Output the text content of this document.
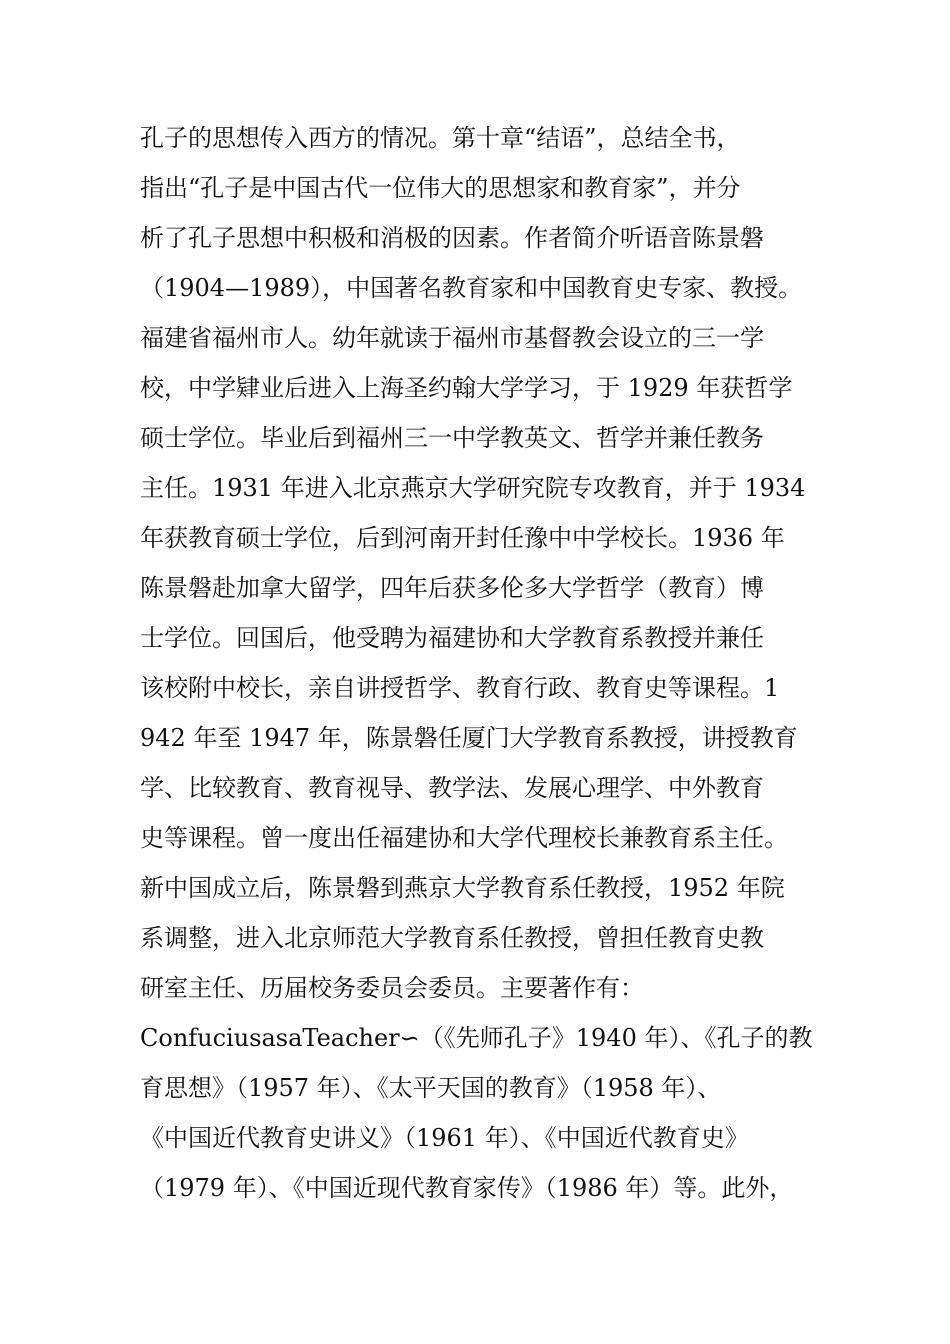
孔子的思想传入西方的情况。第十章“结语”，总结全书，
指出“孔子是中国古代一位伟大的思想家和教育家”，并分
析了孔子思想中积极和消极的因素。作者简介听语音陈景磐
（1904—1989），中国著名教育家和中国教育史专家、教授。
福建省福州市人。幼年就读于福州市基督教会设立的三一学
校，中学肄业后进入上海圣约翰大学学习，于 1929 年获哲学
硕士学位。毕业后到福州三一中学教英文、哲学并兼任教务
主任。1931 年进入北京燕京大学研究院专攻教育，并于 1934
年获教育硕士学位，后到河南开封任豫中中学校长。1936 年
陈景磐赴加拿大留学，四年后获多伦多大学哲学（教育）博
士学位。回国后，他受聘为福建协和大学教育系教授并兼任
该校附中校长，亲自讲授哲学、教育行政、教育史等课程。1
942 年至 1947 年，陈景磐任厦门大学教育系教授，讲授教育
学、比较教育、教育视导、教学法、发展心理学、中外教育
史等课程。曾一度出任福建协和大学代理校长兼教育系主任。
新中国成立后，陈景磐到燕京大学教育系任教授，1952 年院
系调整，进入北京师范大学教育系任教授，曾担任教育史教
研室主任、历届校务委员会委员。主要著作有：
ConfuciusasaTeacher∽（《先师孔子》1940 年）、《孔子的教
育思想》（1957 年）、《太平天国的教育》（1958 年）、
《中国近代教育史讲义》（1961 年）、《中国近代教育史》
（1979 年）、《中国近现代教育家传》（1986 年）等。此外，
